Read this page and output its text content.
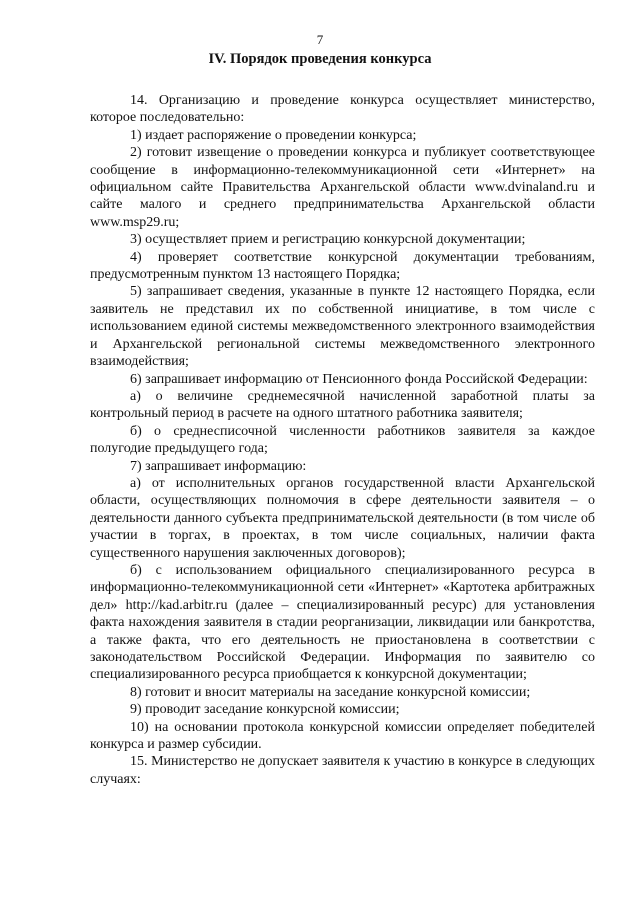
7
IV. Порядок проведения конкурса

14. Организацию и проведение конкурса осуществляет министерство, которое последовательно:

1) издает распоряжение о проведении конкурса;

2) готовит извещение о проведении конкурса и публикует соответствующее сообщение в информационно-телекоммуникационной сети «Интернет» на официальном сайте Правительства Архангельской области www.dvinaland.ru и сайте малого и среднего предпринимательства Архангельской области www.msp29.ru;

3) осуществляет прием и регистрацию конкурсной документации;

4) проверяет соответствие конкурсной документации требованиям, предусмотренным пунктом 13 настоящего Порядка;

5) запрашивает сведения, указанные в пункте 12 настоящего Порядка, если заявитель не представил их по собственной инициативе, в том числе с использованием единой системы межведомственного электронного взаимодействия и Архангельской региональной системы межведомственного электронного взаимодействия;

6) запрашивает информацию от Пенсионного фонда Российской Федерации:

а) о величине среднемесячной начисленной заработной платы за контрольный период в расчете на одного штатного работника заявителя;

б) о среднесписочной численности работников заявителя за каждое полугодие предыдущего года;

7) запрашивает информацию:

а) от исполнительных органов государственной власти Архангельской области, осуществляющих полномочия в сфере деятельности заявителя – о деятельности данного субъекта предпринимательской деятельности (в том числе об участии в торгах, в проектах, в том числе социальных, наличии факта существенного нарушения заключенных договоров);

б) с использованием официального специализированного ресурса в информационно-телекоммуникационной сети «Интернет» «Картотека арбитражных дел» http://kad.arbitr.ru (далее – специализированный ресурс) для установления факта нахождения заявителя в стадии реорганизации, ликвидации или банкротства, а также факта, что его деятельность не приостановлена в соответствии с законодательством Российской Федерации. Информация по заявителю со специализированного ресурса приобщается к конкурсной документации;

8) готовит и вносит материалы на заседание конкурсной комиссии;

9) проводит заседание конкурсной комиссии;

10) на основании протокола конкурсной комиссии определяет победителей конкурса и размер субсидии.

15. Министерство не допускает заявителя к участию в конкурсе в следующих случаях:
